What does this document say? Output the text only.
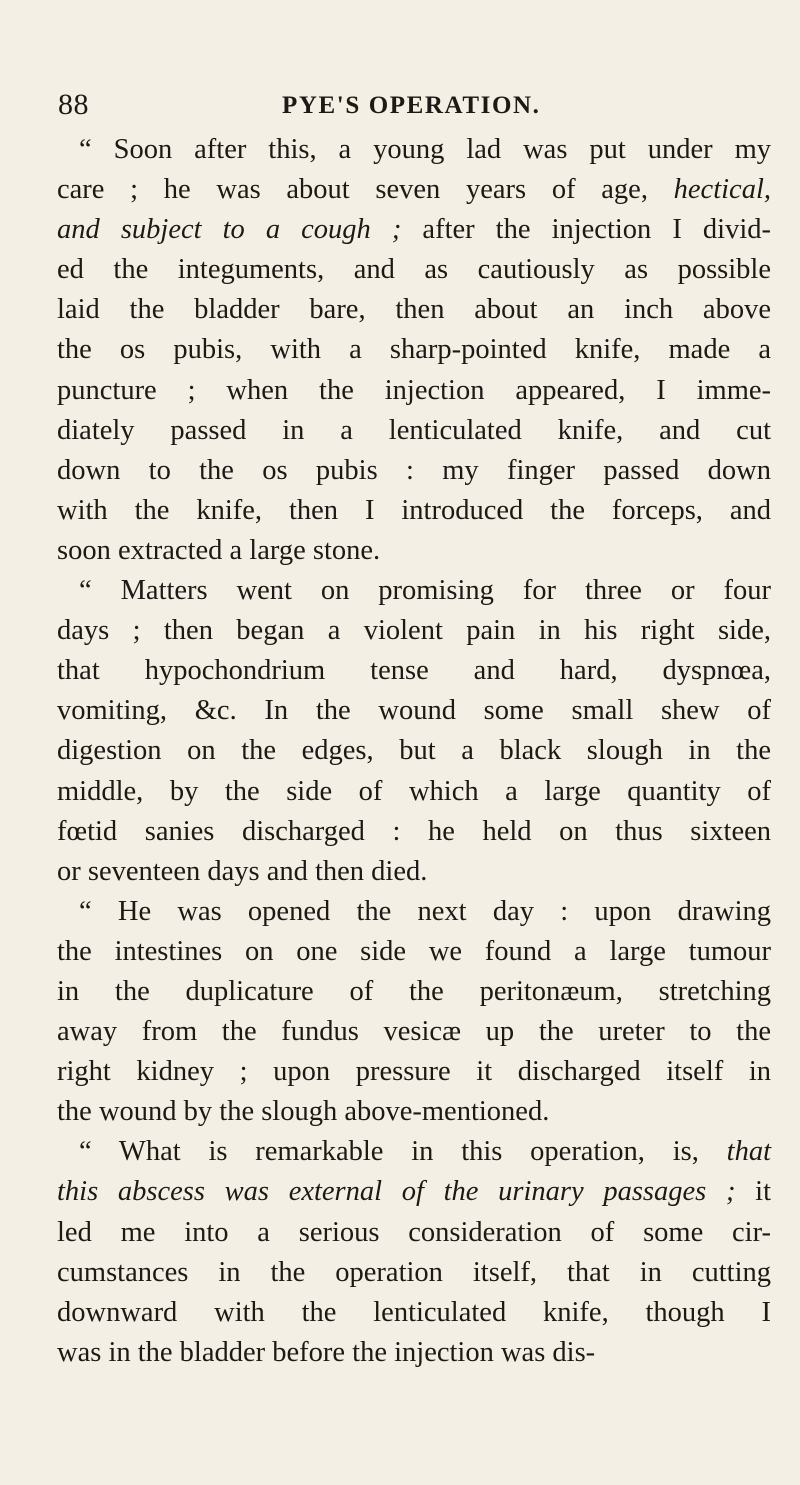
88	PYE'S OPERATION.
“ Soon after this, a young lad was put under my
care ; he was about seven years of age, hectical,
and subject to a cough ; after the injection I divid-
ed the integuments, and as cautiously as possible
laid the bladder bare, then about an inch above
the os pubis, with a sharp-pointed knife, made a
puncture ; when the injection appeared, I imme-
diately passed in a lenticulated knife, and cut
down to the os pubis : my finger passed down
with the knife, then I introduced the forceps, and
soon extracted a large stone.
“ Matters went on promising for three or four
days ; then began a violent pain in his right side,
that hypochondrium tense and hard, dyspnœa,
vomiting, &c. In the wound some small shew of
digestion on the edges, but a black slough in the
middle, by the side of which a large quantity of
fœtid sanies discharged : he held on thus sixteen
or seventeen days and then died.
“ He was opened the next day : upon drawing
the intestines on one side we found a large tumour
in the duplicature of the peritonæum, stretching
away from the fundus vesicæ up the ureter to the
right kidney ; upon pressure it discharged itself in
the wound by the slough above-mentioned.
“ What is remarkable in this operation, is, that
this abscess was external of the urinary passages ; it
led me into a serious consideration of some cir-
cumstances in the operation itself, that in cutting
downward with the lenticulated knife, though I
was in the bladder before the injection was dis-
